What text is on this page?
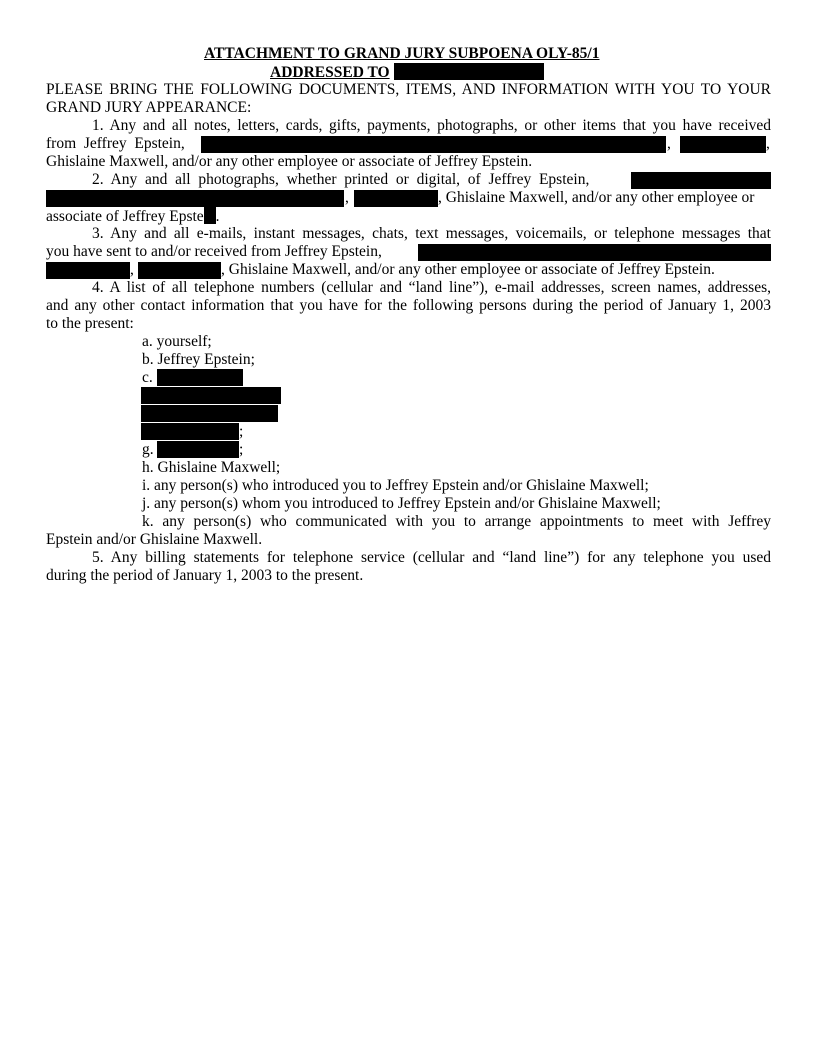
ATTACHMENT TO GRAND JURY SUBPOENA OLY-85/1
ADDRESSED TO
PLEASE BRING THE FOLLOWING DOCUMENTS, ITEMS, AND INFORMATION WITH YOU TO YOUR
GRAND JURY APPEARANCE:
1. Any and all notes, letters, cards, gifts, payments, photographs, or other items that you have received
from  Jeffrey  Epstein,	,	,
Ghislaine Maxwell, and/or any other employee or associate of Jeffrey Epstein.
2.  Any  and  all  photographs,  whether  printed  or  digital,  of  Jeffrey  Epstein,
,	, Ghislaine Maxwell, and/or any other employee or
associate of Jeffrey Epste .
3. Any and all e-mails, instant messages, chats, text messages, voicemails, or telephone messages that
you have sent to and/or received from Jeffrey Epstein,
,	, Ghislaine Maxwell, and/or any other employee or associate of Jeffrey Epstein.
4. A list of all telephone numbers (cellular and “land line”), e-mail addresses, screen names, addresses,
and any other contact information that you have for the following persons during the period of January 1, 2003
to the present:
a. yourself;
b. Jeffrey Epstein;
c.
;
g.	;
h. Ghislaine Maxwell;
i. any person(s) who introduced you to Jeffrey Epstein and/or Ghislaine Maxwell;
j. any person(s) whom you introduced to Jeffrey Epstein and/or Ghislaine Maxwell;
k. any person(s) who communicated with you to arrange appointments to meet with Jeffrey
Epstein and/or Ghislaine Maxwell.
5. Any billing statements for telephone service (cellular and “land line”) for any telephone you used
during the period of January 1, 2003 to the present.
